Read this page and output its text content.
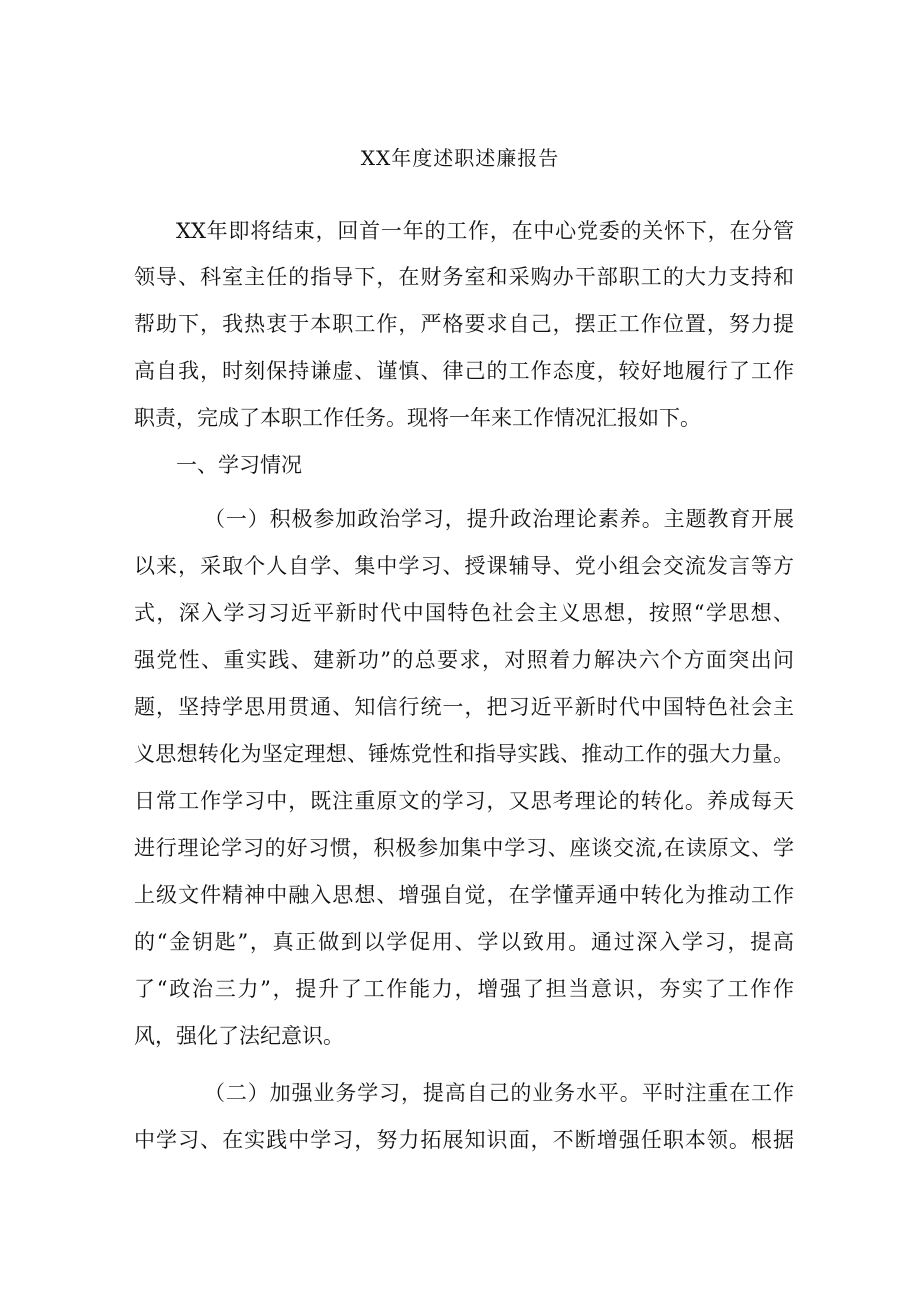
XX年度述职述廉报告
XX年即将结束，回首一年的工作，在中心党委的关怀下，在分管
领导、科室主任的指导下，在财务室和采购办干部职工的大力支持和
帮助下，我热衷于本职工作，严格要求自己，摆正工作位置，努力提
高自我，时刻保持谦虚、谨慎、律己的工作态度，较好地履行了工作
职责，完成了本职工作任务。现将一年来工作情况汇报如下。
一、学习情况
（一）积极参加政治学习，提升政治理论素养。主题教育开展
以来，采取个人自学、集中学习、授课辅导、党小组会交流发言等方
式，深入学习习近平新时代中国特色社会主义思想，按照“学思想、
强党性、重实践、建新功”的总要求，对照着力解决六个方面突出问
题，坚持学思用贯通、知信行统一，把习近平新时代中国特色社会主
义思想转化为坚定理想、锤炼党性和指导实践、推动工作的强大力量。
日常工作学习中，既注重原文的学习，又思考理论的转化。养成每天
进行理论学习的好习惯，积极参加集中学习、座谈交流,在读原文、学
上级文件精神中融入思想、增强自觉，在学懂弄通中转化为推动工作
的“金钥匙”，真正做到以学促用、学以致用。通过深入学习，提高
了“政治三力”，提升了工作能力，增强了担当意识，夯实了工作作
风，强化了法纪意识。
（二）加强业务学习，提高自己的业务水平。平时注重在工作
中学习、在实践中学习，努力拓展知识面，不断增强任职本领。根据
